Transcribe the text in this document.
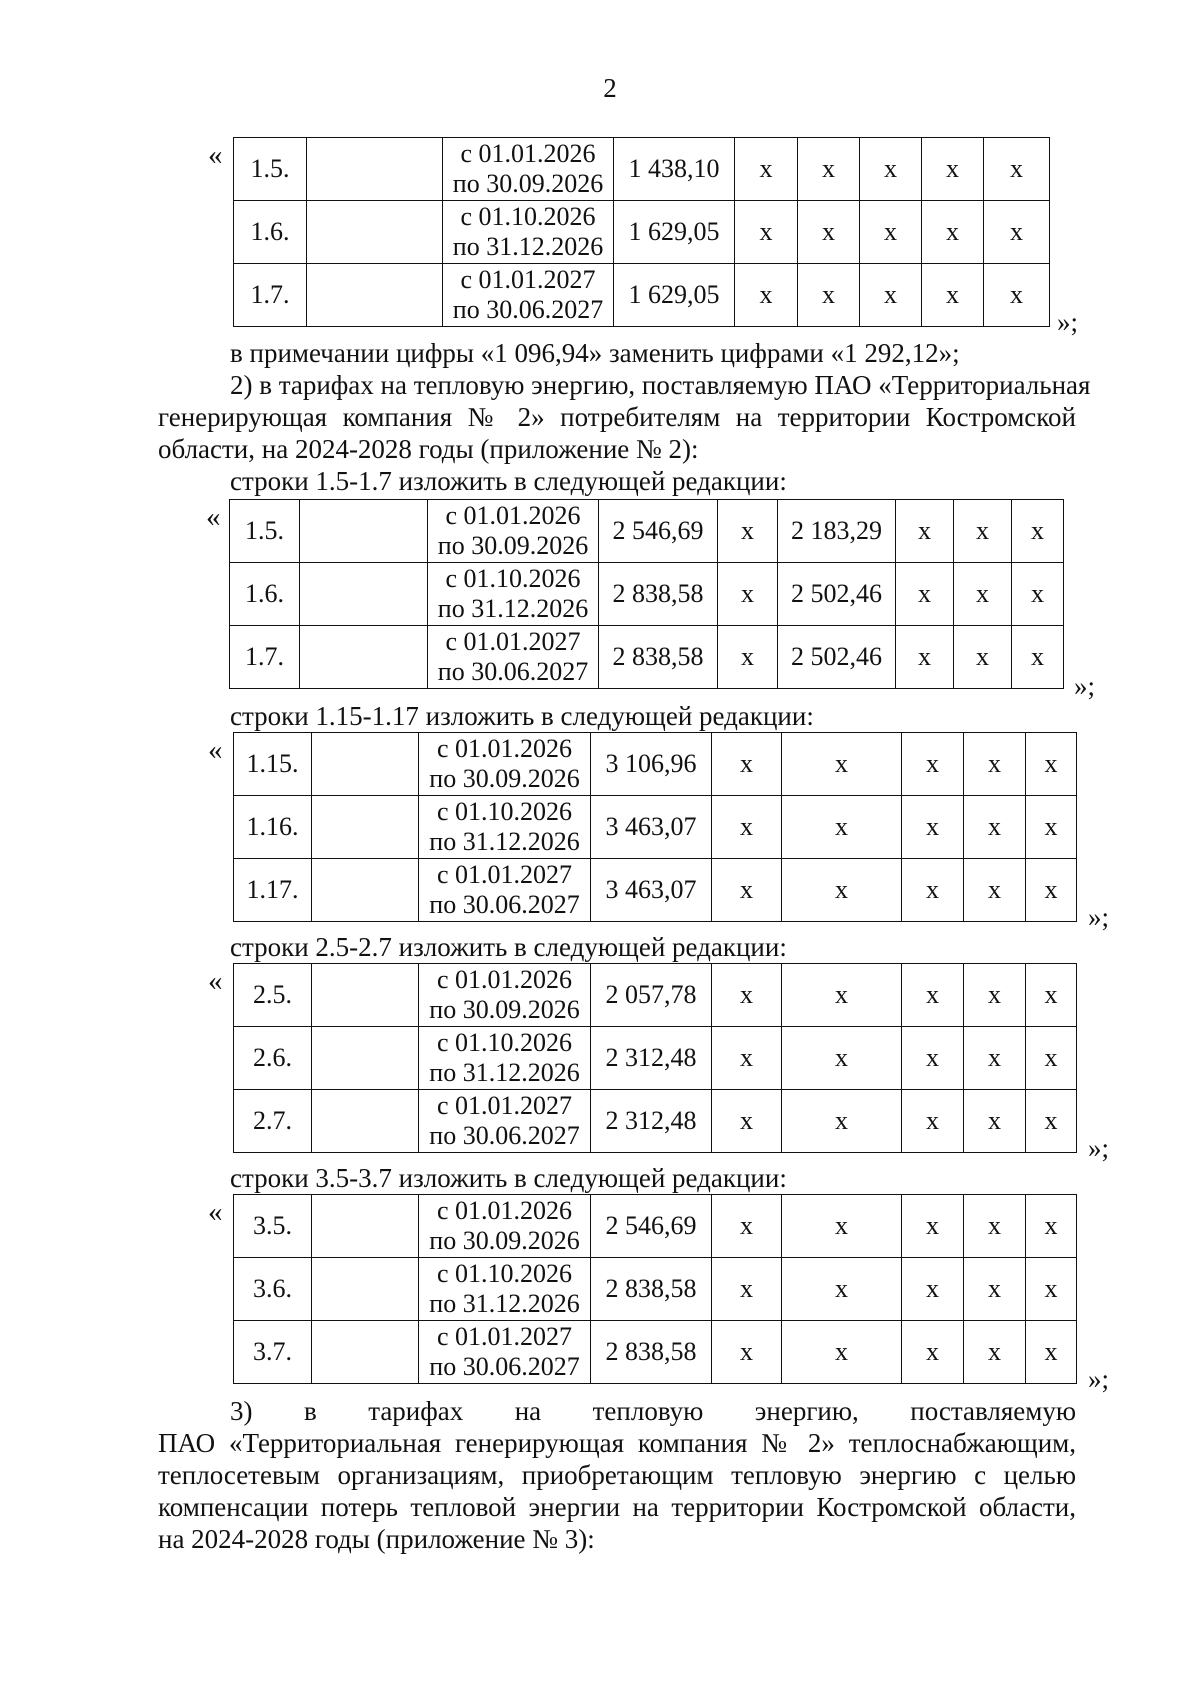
2
« 1.5.		с 01.01.2026
по 30.09.2026	1 438,10	х	х	х	х	х
1.6.		с 01.10.2026
по 31.12.2026	1 629,05	х	х	х	х	х
1.7.		с 01.01.2027
по 30.06.2027	1 629,05	х	х	х	х	х
»;
в примечании цифры «1 096,94» заменить цифрами «1 292,12»;
2) в тарифах на тепловую энергию, поставляемую ПАО «Территориальная
генерирующая компания № 2» потребителям на территории Костромской
области, на 2024-2028 годы (приложение № 2):
строки 1.5-1.7 изложить в следующей редакции:
« 1.5.		с 01.01.2026
по 30.09.2026	2 546,69	х	2 183,29	х	х	х
1.6.		с 01.10.2026
по 31.12.2026	2 838,58	х	2 502,46	х	х	х
1.7.		с 01.01.2027
по 30.06.2027	2 838,58	х	2 502,46	х	х	х
»;
строки 1.15-1.17 изложить в следующей редакции:
« 1.15.		с 01.01.2026
по 30.09.2026	3 106,96	х	х	х	х	х
1.16.		с 01.10.2026
по 31.12.2026	3 463,07	х	х	х	х	х
1.17.		с 01.01.2027
по 30.06.2027	3 463,07	х	х	х	х	х
»;
строки 2.5-2.7 изложить в следующей редакции:
« 2.5.		с 01.01.2026
по 30.09.2026	2 057,78	х	х	х	х	х
2.6.		с 01.10.2026
по 31.12.2026	2 312,48	х	х	х	х	х
2.7.		с 01.01.2027
по 30.06.2027	2 312,48	х	х	х	х	х
»;
строки 3.5-3.7 изложить в следующей редакции:
« 3.5.		с 01.01.2026
по 30.09.2026	2 546,69	х	х	х	х	х
3.6.		с 01.10.2026
по 31.12.2026	2 838,58	х	х	х	х	х
3.7.		с 01.01.2027
по 30.06.2027	2 838,58	х	х	х	х	х
»;
3) в тарифах на тепловую энергию, поставляемую
ПАО «Территориальная генерирующая компания № 2» теплоснабжающим,
теплосетевым организациям, приобретающим тепловую энергию с целью
компенсации потерь тепловой энергии на территории Костромской области,
на 2024-2028 годы (приложение № 3):
